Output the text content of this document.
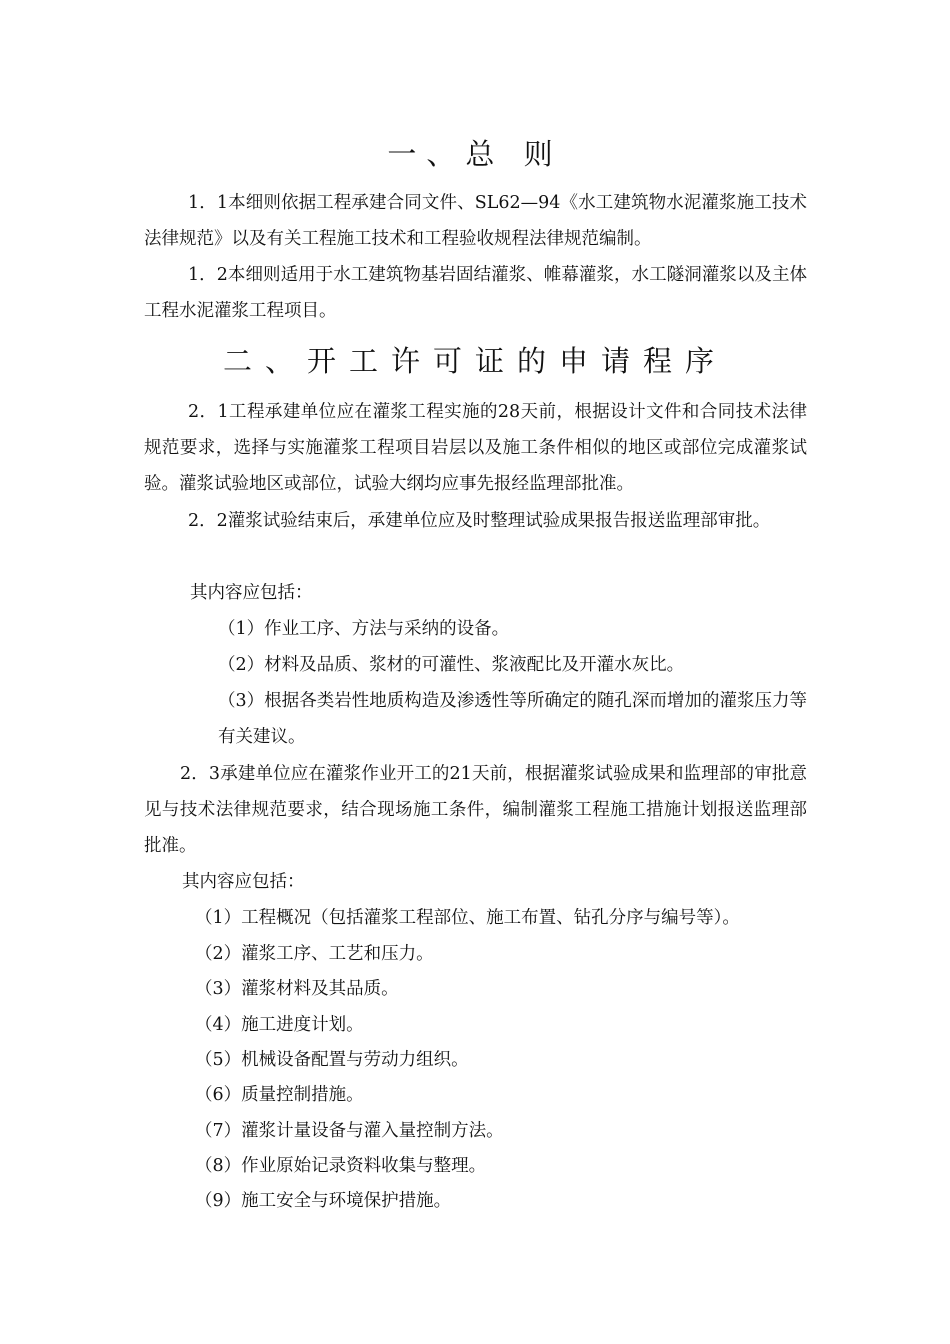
一、总 则

1．1本细则依据工程承建合同文件、SL62—94《水工建筑物水泥灌浆施工技术法律规范》以及有关工程施工技术和工程验收规程法律规范编制。

1．2本细则适用于水工建筑物基岩固结灌浆、帷幕灌浆，水工隧洞灌浆以及主体工程水泥灌浆工程项目。

二、开工许可证的申请程序

2．1工程承建单位应在灌浆工程实施的28天前，根据设计文件和合同技术法律规范要求，选择与实施灌浆工程项目岩层以及施工条件相似的地区或部位完成灌浆试验。灌浆试验地区或部位，试验大纲均应事先报经监理部批准。

2．2灌浆试验结束后，承建单位应及时整理试验成果报告报送监理部审批。

其内容应包括：

（1）作业工序、方法与采纳的设备。

（2）材料及品质、浆材的可灌性、浆液配比及开灌水灰比。

（3）根据各类岩性地质构造及渗透性等所确定的随孔深而增加的灌浆压力等有关建议。

2．3承建单位应在灌浆作业开工的21天前，根据灌浆试验成果和监理部的审批意见与技术法律规范要求，结合现场施工条件，编制灌浆工程施工措施计划报送监理部批准。

其内容应包括：

（1）工程概况（包括灌浆工程部位、施工布置、钻孔分序与编号等）。

（2）灌浆工序、工艺和压力。

（3）灌浆材料及其品质。

（4）施工进度计划。

（5）机械设备配置与劳动力组织。

（6）质量控制措施。

（7）灌浆计量设备与灌入量控制方法。

（8）作业原始记录资料收集与整理。

（9）施工安全与环境保护措施。
